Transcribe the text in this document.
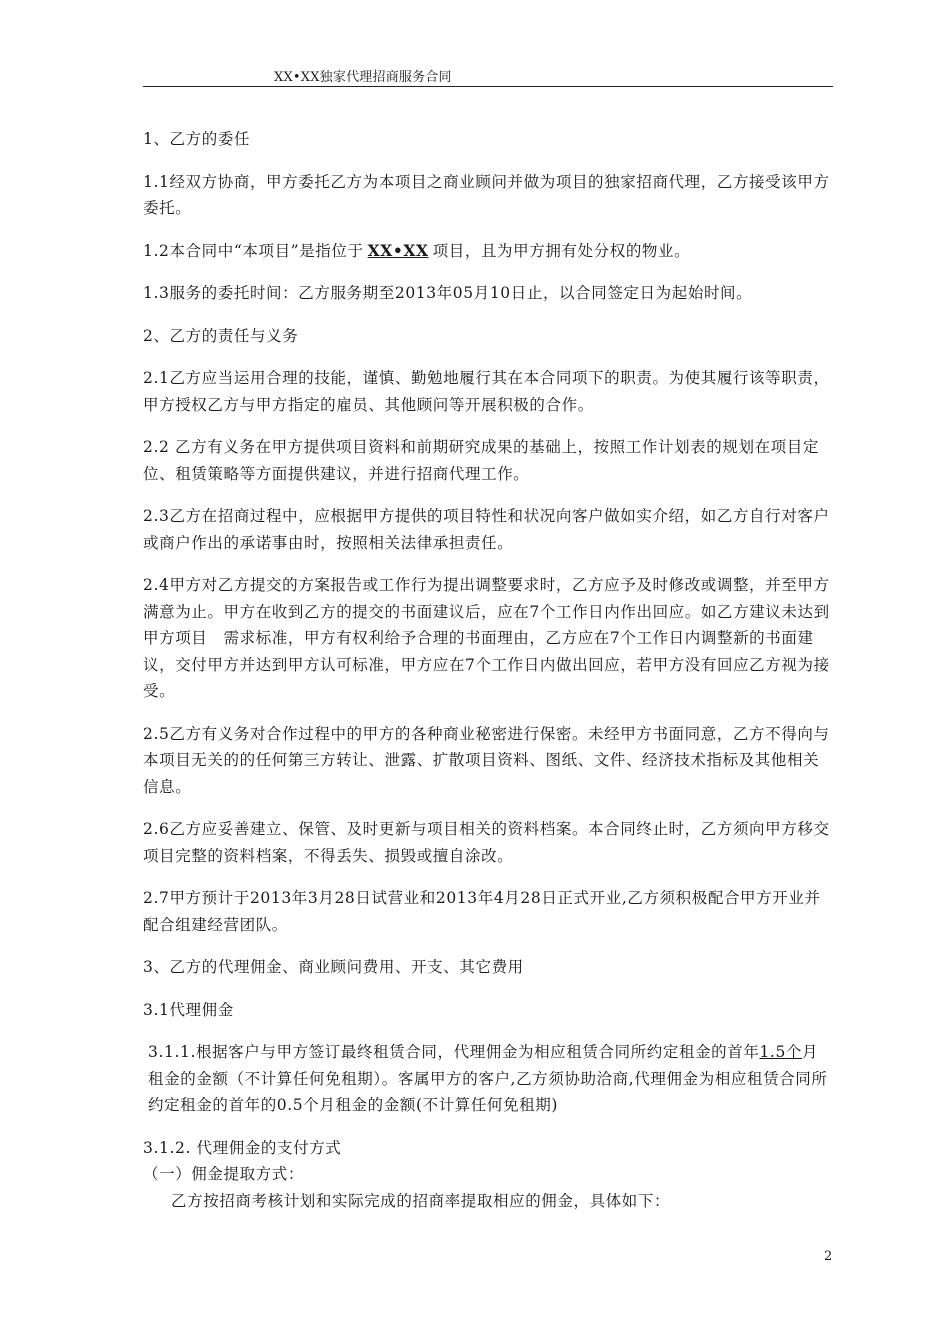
XX•XX独家代理招商服务合同

1、乙方的委任

1.1经双方协商，甲方委托乙方为本项目之商业顾问并做为项目的独家招商代理，乙方接受该甲方委托。

1.2本合同中“本项目”是指位于 XX•XX 项目，且为甲方拥有处分权的物业。

1.3服务的委托时间：乙方服务期至2013年05月10日止，以合同签定日为起始时间。

2、乙方的责任与义务

2.1乙方应当运用合理的技能，谨慎、勤勉地履行其在本合同项下的职责。为使其履行该等职责，甲方授权乙方与甲方指定的雇员、其他顾问等开展积极的合作。

2.2 乙方有义务在甲方提供项目资料和前期研究成果的基础上，按照工作计划表的规划在项目定位、租赁策略等方面提供建议，并进行招商代理工作。

2.3乙方在招商过程中，应根据甲方提供的项目特性和状况向客户做如实介绍，如乙方自行对客户或商户作出的承诺事由时，按照相关法律承担责任。

2.4甲方对乙方提交的方案报告或工作行为提出调整要求时，乙方应予及时修改或调整，并至甲方满意为止。甲方在收到乙方的提交的书面建议后，应在7个工作日内作出回应。如乙方建议未达到甲方项目　需求标准，甲方有权利给予合理的书面理由，乙方应在7个工作日内调整新的书面建议，交付甲方并达到甲方认可标准，甲方应在7个工作日内做出回应，若甲方没有回应乙方视为接受。

2.5乙方有义务对合作过程中的甲方的各种商业秘密进行保密。未经甲方书面同意，乙方不得向与本项目无关的的任何第三方转让、泄露、扩散项目资料、图纸、文件、经济技术指标及其他相关信息。

2.6乙方应妥善建立、保管、及时更新与项目相关的资料档案。本合同终止时，乙方须向甲方移交项目完整的资料档案，不得丢失、损毁或擅自涂改。

2.7甲方预计于2013年3月28日试营业和2013年4月28日正式开业,乙方须积极配合甲方开业并配合组建经营团队。

3、乙方的代理佣金、商业顾问费用、开支、其它费用

3.1代理佣金

3.1.1.根据客户与甲方签订最终租赁合同，代理佣金为相应租赁合同所约定租金的首年1.5个月租金的金额（不计算任何免租期）。客属甲方的客户,乙方须协助洽商,代理佣金为相应租赁合同所约定租金的首年的0.5个月租金的金额(不计算任何免租期)

3.1.2. 代理佣金的支付方式

（一）佣金提取方式：

乙方按招商考核计划和实际完成的招商率提取相应的佣金，具体如下：

2
